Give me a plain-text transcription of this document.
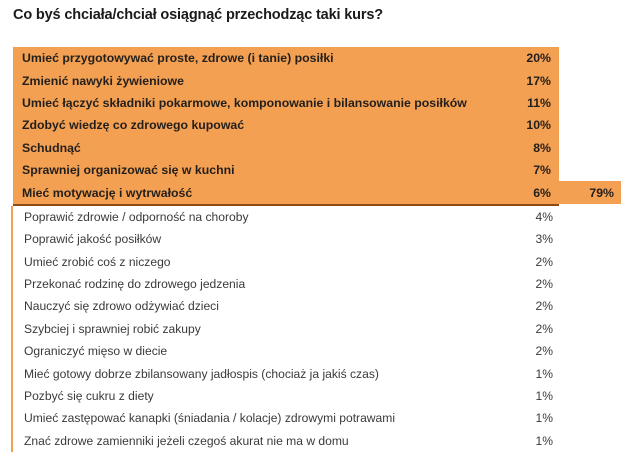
Co byś chciała/chciał osiągnąć przechodząc taki kurs?
Umieć przygotowywać proste, zdrowe (i tanie) posiłki	20%
Zmienić nawyki żywieniowe	17%
Umieć łączyć składniki pokarmowe, komponowanie i bilansowanie posiłków	11%
Zdobyć wiedzę co zdrowego kupować	10%
Schudnąć	8%
Sprawniej organizować się w kuchni	7%
Mieć motywację i wytrwałość	6%	79%
Poprawić zdrowie / odporność na choroby	4%
Poprawić jakość posiłków	3%
Umieć zrobić coś z niczego	2%
Przekonać rodzinę do zdrowego jedzenia	2%
Nauczyć się zdrowo odżywiać dzieci	2%
Szybciej i sprawniej robić zakupy	2%
Ograniczyć mięso w diecie	2%
Mieć gotowy dobrze zbilansowany jadłospis (chociaż ja jakiś czas)	1%
Pozbyć się cukru z diety	1%
Umieć zastępować kanapki (śniadania / kolacje) zdrowymi potrawami	1%
Znać zdrowe zamienniki jeżeli czegoś akurat nie ma w domu	1%
